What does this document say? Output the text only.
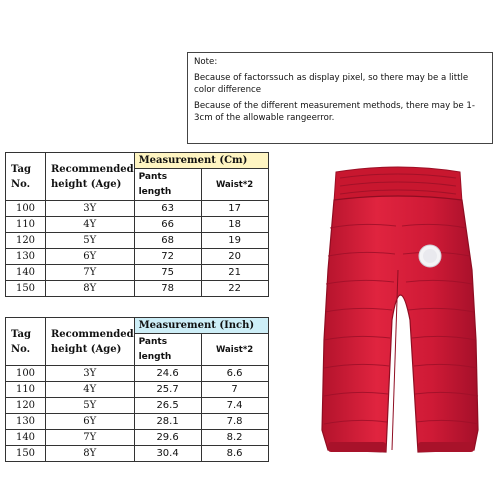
Note:

Because of factorssuch as display pixel, so there may be a little color difference

Because of the different measurement methods, there may be 1-3cm of the allowable rangeerror.

Tag No.	Recommended height (Age)	Measurement (Cm)	
		Pants length	Waist*2
100	3Y	63	17
110	4Y	66	18
120	5Y	68	19
130	6Y	72	20
140	7Y	75	21
150	8Y	78	22
Tag No.	Recommended height (Age)	Measurement (Inch)	
		Pants length	Waist*2
100	3Y	24.6	6.6
110	4Y	25.7	7
120	5Y	26.5	7.4
130	6Y	28.1	7.8
140	7Y	29.6	8.2
150	8Y	30.4	8.6
